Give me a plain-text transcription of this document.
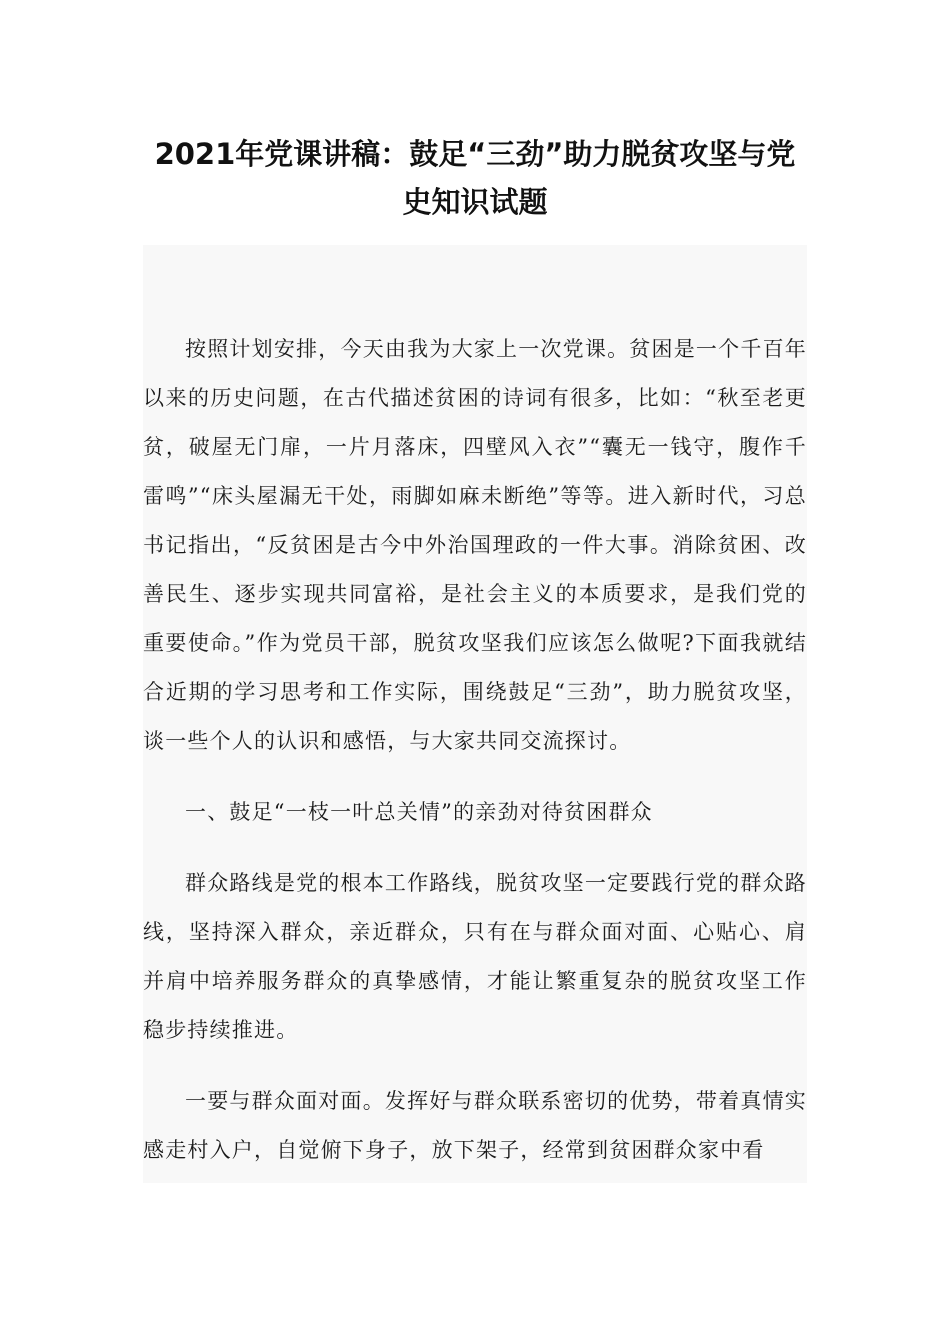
2021年党课讲稿：鼓足“三劲”助力脱贫攻坚与党史知识试题

按照计划安排，今天由我为大家上一次党课。贫困是一个千百年以来的历史问题，在古代描述贫困的诗词有很多，比如：“秋至老更贫，破屋无门扉，一片月落床，四壁风入衣”“囊无一钱守，腹作千雷鸣”“床头屋漏无干处，雨脚如麻未断绝”等等。进入新时代，习总书记指出，“反贫困是古今中外治国理政的一件大事。消除贫困、改善民生、逐步实现共同富裕，是社会主义的本质要求，是我们党的重要使命。”作为党员干部，脱贫攻坚我们应该怎么做呢?下面我就结合近期的学习思考和工作实际，围绕鼓足“三劲”，助力脱贫攻坚，谈一些个人的认识和感悟，与大家共同交流探讨。

一、鼓足“一枝一叶总关情”的亲劲对待贫困群众

群众路线是党的根本工作路线，脱贫攻坚一定要践行党的群众路线，坚持深入群众，亲近群众，只有在与群众面对面、心贴心、肩并肩中培养服务群众的真挚感情，才能让繁重复杂的脱贫攻坚工作稳步持续推进。

一要与群众面对面。发挥好与群众联系密切的优势，带着真情实感走村入户，自觉俯下身子，放下架子，经常到贫困群众家中看
